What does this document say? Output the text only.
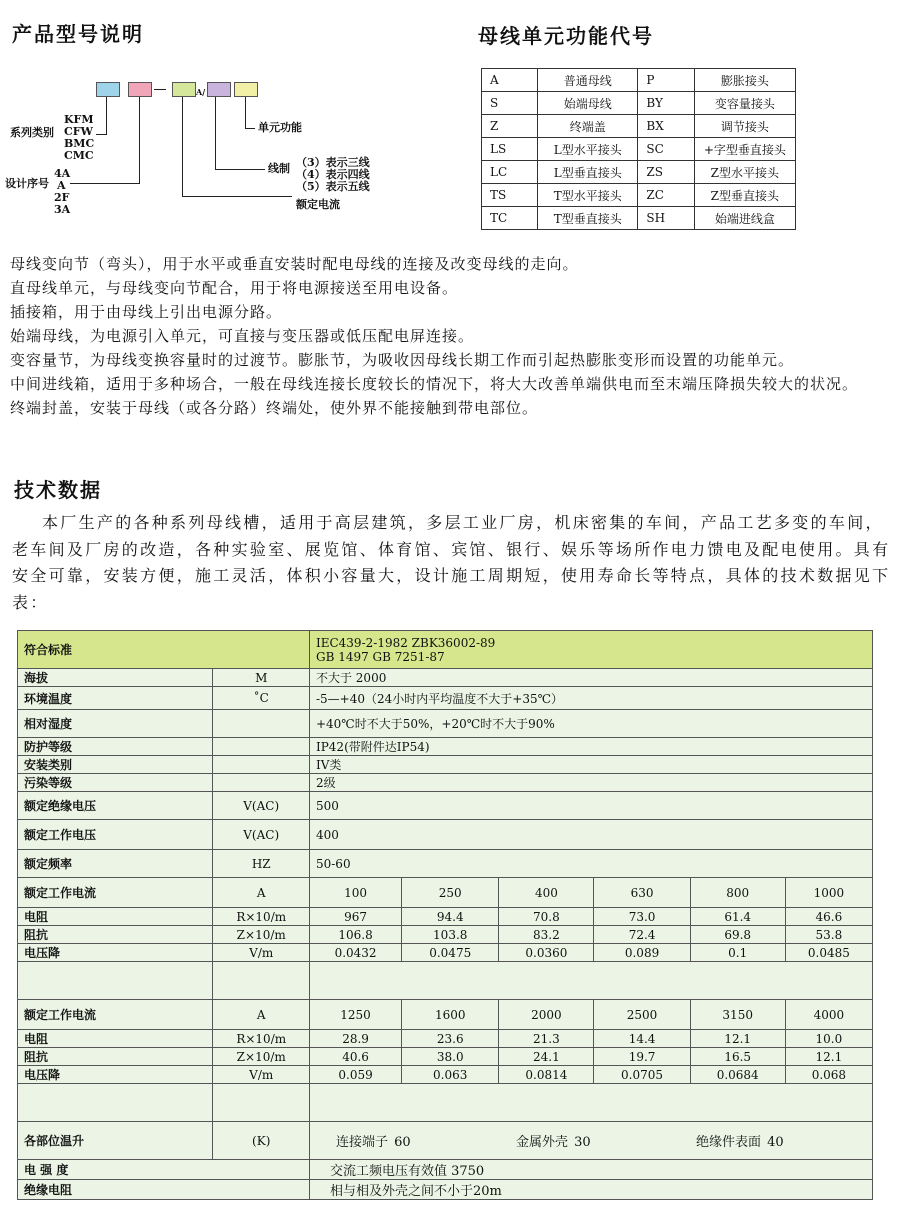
产品型号说明	母线单元功能代号
A/
系列类别
KFM
CFW
BMC
CMC
设计序号
4A
A
2F
3A
单元功能
线制 （3）表示三线
（4）表示四线
（5）表示五线
额定电流
A	普通母线	P	膨胀接头
S	始端母线	BY	变容量接头
Z	终端盖	BX	调节接头
LS	L型水平接头	SC	+字型垂直接头
LC	L型垂直接头	ZS	Z型水平接头
TS	T型水平接头	ZC	Z型垂直接头
TC	T型垂直接头	SH	始端进线盒

母线变向节（弯头），用于水平或垂直安装时配电母线的连接及改变母线的走向。

直母线单元，与母线变向节配合，用于将电源接送至用电设备。

插接箱，用于由母线上引出电源分路。

始端母线，为电源引入单元，可直接与变压器或低压配电屏连接。

变容量节，为母线变换容量时的过渡节。膨胀节，为吸收因母线长期工作而引起热膨胀变形而设置的功能单元。

中间进线箱，适用于多种场合，一般在母线连接长度较长的情况下，将大大改善单端供电而至末端压降损失较大的状况。

终端封盖，安装于母线（或各分路）终端处，使外界不能接触到带电部位。

技术数据
本厂生产的各种系列母线槽，适用于高层建筑，多层工业厂房，机床密集的车间，产品工艺多变的车间，老车间及厂房的改造，各种实验室、展览馆、体育馆、宾馆、银行、娱乐等场所作电力馈电及配电使用。具有安全可靠，安装方便，施工灵活，体积小容量大，设计施工周期短，使用寿命长等特点，具体的技术数据见下表：
符合标准		IEC439-2-1982 ZBK36002-89
GB 1497 GB 7251-87					

海拔	M	不大于 2000					
环境温度	˚C	-5—+40（24小时内平均温度不大于+35℃）					
相对湿度		+40℃时不大于50%，+20℃时不大于90%					
防护等级		IP42(带附件达IP54)					
安装类别		IV类					
污染等级		2级					
额定绝缘电压	V(AC)	500					
额定工作电压	V(AC)	400					
额定频率	HZ	50-60					
额定工作电流	A	100	250	400	630	800	1000
电阻	R×10/m	967	94.4	70.8	73.0	61.4	46.6
阻抗	Z×10/m	106.8	103.8	83.2	72.4	69.8	53.8
电压降	V/m	0.0432	0.0475	0.0360	0.089	0.1	0.0485

额定工作电流	A	1250	1600	2000	2500	3150	4000
电阻	R×10/m	28.9	23.6	21.3	14.4	12.1	10.0
阻抗	Z×10/m	40.6	38.0	24.1	19.7	16.5	12.1
电压降	V/m	0.059	0.063	0.0814	0.0705	0.0684	0.068

各部位温升	(K)	连接端子 60 金属外壳 30 绝缘件表面 40					
电 强 度		交流工频电压有效值 3750					
绝缘电阻		相与相及外壳之间不小于20m					
